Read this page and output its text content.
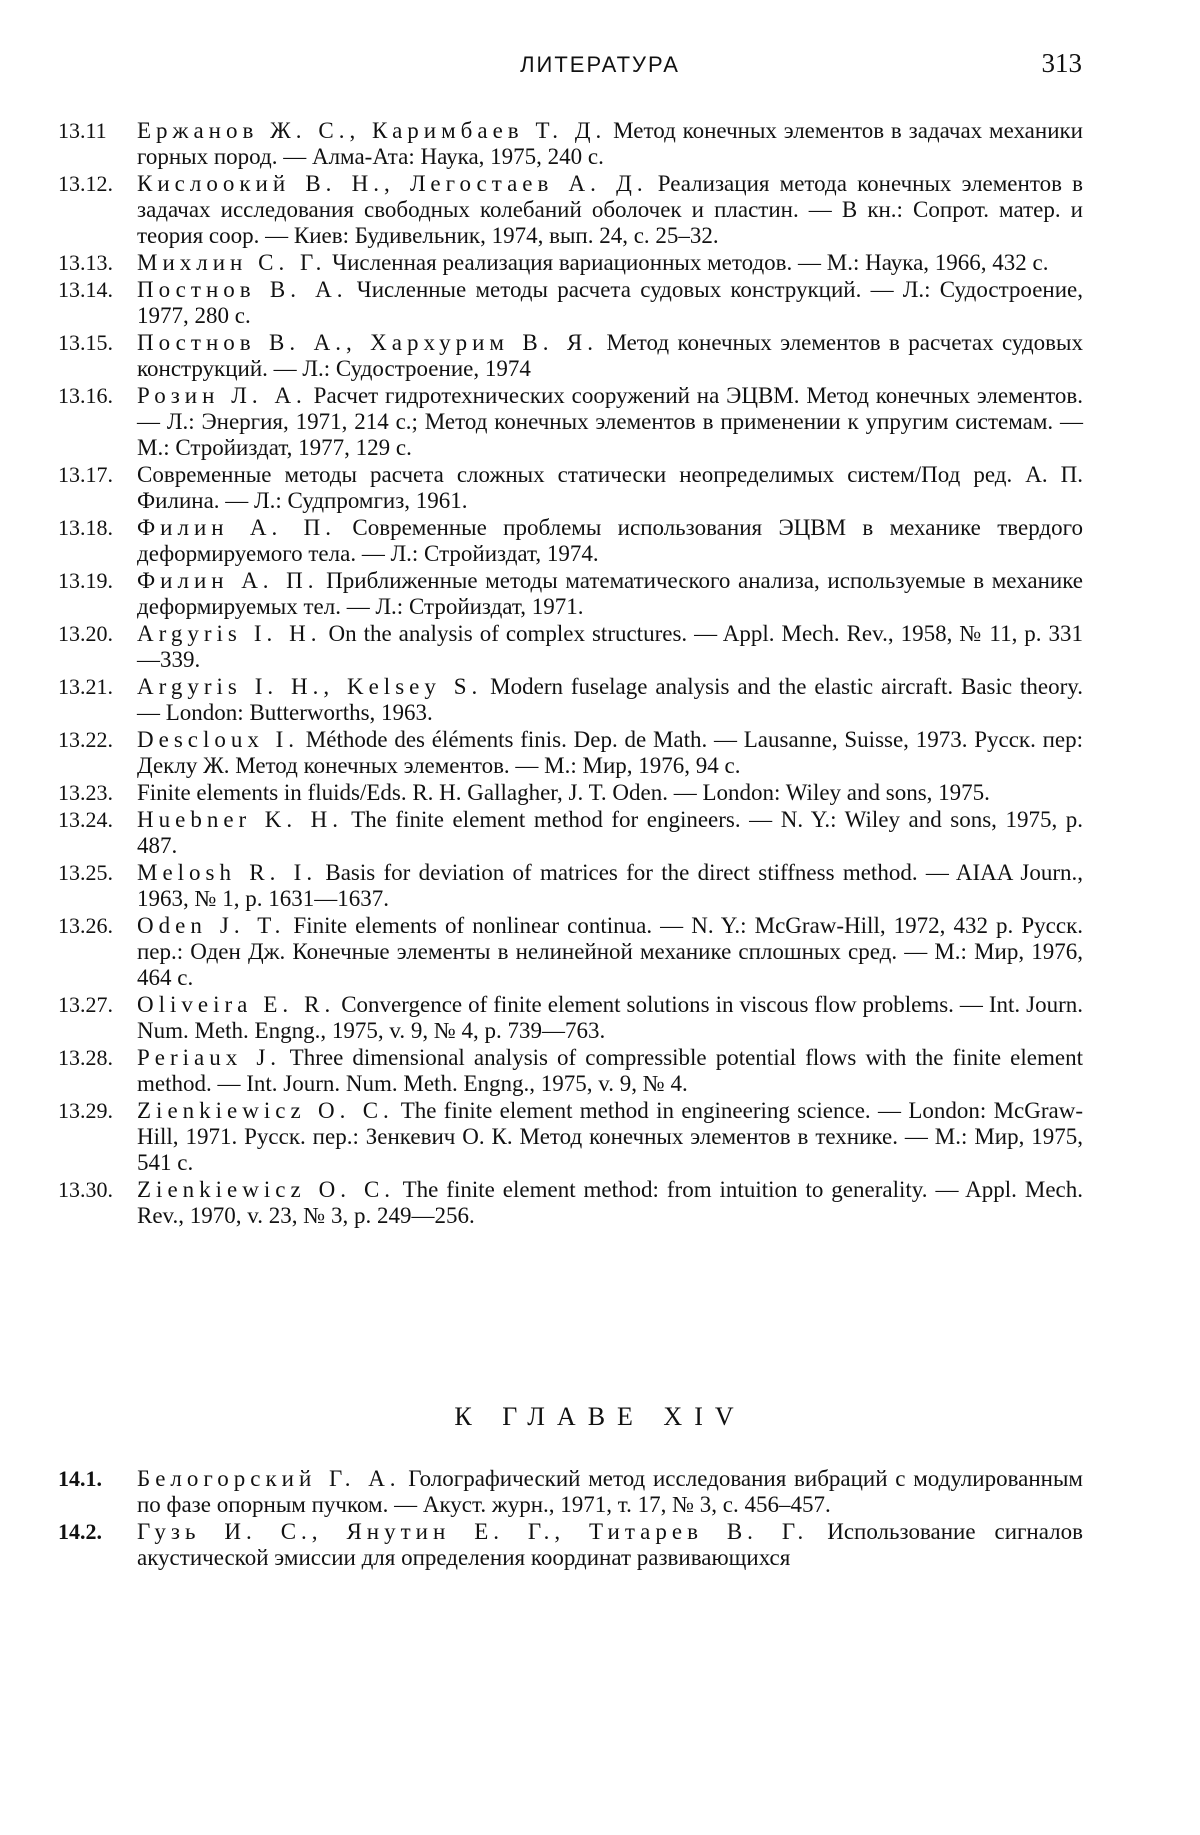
ЛИТЕРАТУРА	313
13.11	Ержанов Ж. С., Каримбаев Т. Д. Метод конечных элементов в задачах механики горных пород. — Алма-Ата: Наука, 1975, 240 с.
13.12.	Кислоокий В. Н., Легостаев А. Д. Реализация метода конечных элементов в задачах исследования свободных колебаний оболочек и пластин. — В кн.: Сопрот. матер. и теория соор. — Киев: Будивельник, 1974, вып. 24, с. 25–32.
13.13.	Михлин С. Г. Численная реализация вариационных методов. — М.: Наука, 1966, 432 с.
13.14.	Постнов В. А. Численные методы расчета судовых конструкций. — Л.: Судостроение, 1977, 280 с.
13.15.	Постнов В. А., Хархурим В. Я. Метод конечных элементов в расчетах судовых конструкций. — Л.: Судостроение, 1974
13.16.	Розин Л. А. Расчет гидротехнических сооружений на ЭЦВМ. Метод конечных элементов. — Л.: Энергия, 1971, 214 с.; Метод конечных элементов в применении к упругим системам. — М.: Стройиздат, 1977, 129 с.
13.17.	Современные методы расчета сложных статически неопределимых систем/Под ред. А. П. Филина. — Л.: Судпромгиз, 1961.
13.18.	Филин А. П. Современные проблемы использования ЭЦВМ в механике твердого деформируемого тела. — Л.: Стройиздат, 1974.
13.19.	Филин А. П. Приближенные методы математического анализа, используемые в механике деформируемых тел. — Л.: Стройиздат, 1971.
13.20.	Argyris I. H. On the analysis of complex structures. — Appl. Mech. Rev., 1958, № 11, p. 331—339.
13.21.	Argyris I. H., Kelsey S. Modern fuselage analysis and the elastic aircraft. Basic theory. — London: Butterworths, 1963.
13.22.	Descloux I. Méthode des éléments finis. Dep. de Math. — Lausanne, Suisse, 1973. Русск. пер: Деклу Ж. Метод конечных элементов. — М.: Мир, 1976, 94 с.
13.23.	Finite elements in fluids/Eds. R. H. Gallagher, J. T. Oden. — London: Wiley and sons, 1975.
13.24.	Huebner K. H. The finite element method for engineers. — N. Y.: Wiley and sons, 1975, p. 487.
13.25.	Melosh R. I. Basis for deviation of matrices for the direct stiffness method. — AIAA Journ., 1963, № 1, p. 1631—1637.
13.26.	Oden J. T. Finite elements of nonlinear continua. — N. Y.: McGraw-Hill, 1972, 432 p. Русск. пер.: Оден Дж. Конечные элементы в нелинейной механике сплошных сред. — М.: Мир, 1976, 464 с.
13.27.	Oliveira E. R. Convergence of finite element solutions in viscous flow problems. — Int. Journ. Num. Meth. Engng., 1975, v. 9, № 4, p. 739—763.
13.28.	Periaux J. Three dimensional analysis of compressible potential flows with the finite element method. — Int. Journ. Num. Meth. Engng., 1975, v. 9, № 4.
13.29.	Zienkiewicz O. C. The finite element method in engineering science. — London: McGraw-Hill, 1971. Русск. пер.: Зенкевич О. К. Метод конечных элементов в технике. — М.: Мир, 1975, 541 с.
13.30.	Zienkiewicz O. C. The finite element method: from intuition to generality. — Appl. Mech. Rev., 1970, v. 23, № 3, p. 249—256.
К ГЛАВЕ XIV
14.1.	Белогорский Г. А. Голографический метод исследования вибраций с модулированным по фазе опорным пучком. — Акуст. журн., 1971, т. 17, № 3, с. 456–457.
14.2.	Гузь И. С., Янутин Е. Г., Титарев В. Г. Использование сигналов акустической эмиссии для определения координат развивающихся
